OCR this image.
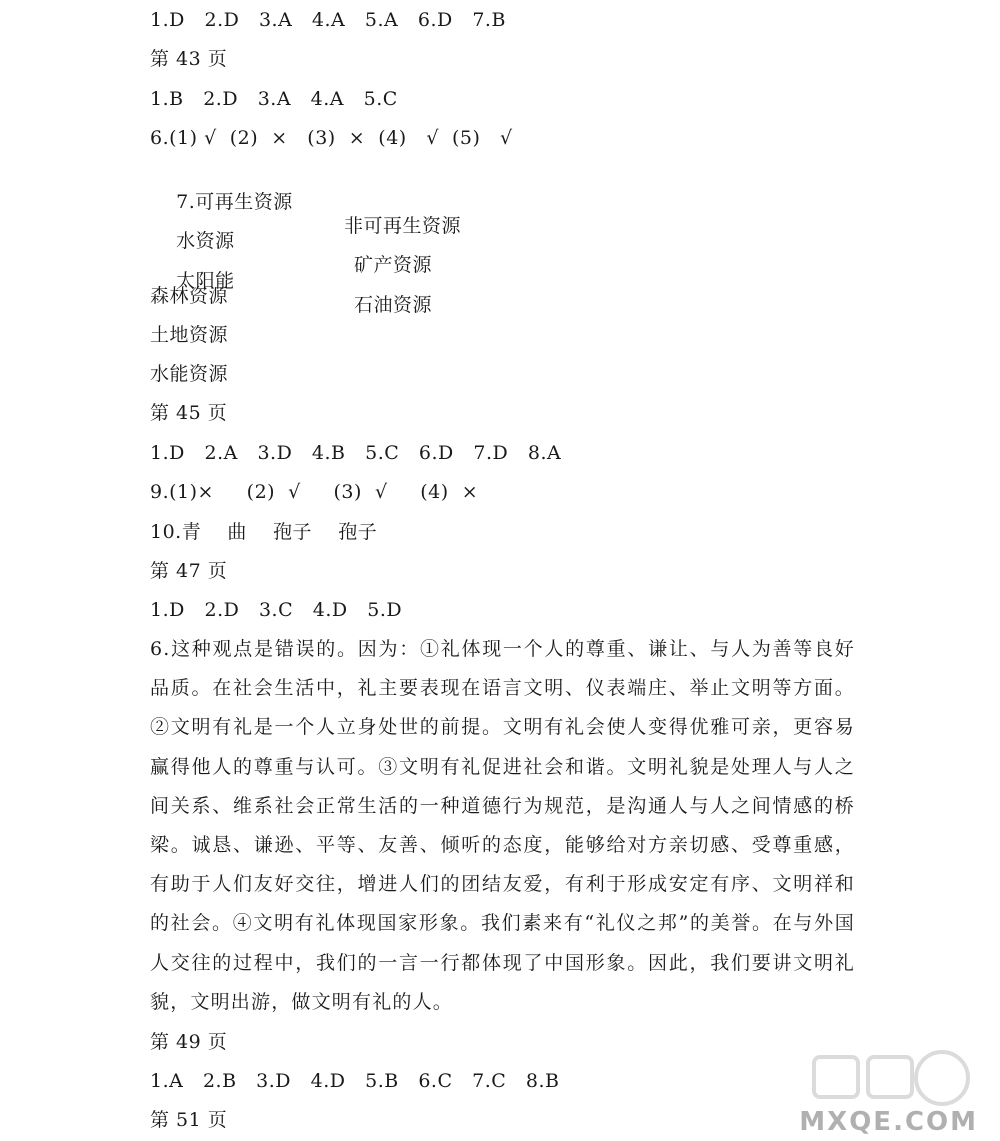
1.D   2.D   3.A   4.A   5.A   6.D   7.B
第 43 页
1.B   2.D   3.A   4.A   5.C
6.(1) √  (2)  ×   (3)  ×  (4)   √  (5)   √

7.可再生资源

非可再生资源

水资源

矿产资源

太阳能

石油资源

森林资源
土地资源
水能资源
第 45 页
1.D   2.A   3.D   4.B   5.C   6.D   7.D   8.A
9.(1)×     (2)  √     (3)  √     (4)  ×
10.青    曲    孢子    孢子
第 47 页
1.D   2.D   3.C   4.D   5.D
6.这种观点是错误的。因为：①礼体现一个人的尊重、谦让、与人为善等良好品质。在社会生活中，礼主要表现在语言文明、仪表端庄、举止文明等方面。②文明有礼是一个人立身处世的前提。文明有礼会使人变得优雅可亲，更容易赢得他人的尊重与认可。③文明有礼促进社会和谐。文明礼貌是处理人与人之间关系、维系社会正常生活的一种道德行为规范，是沟通人与人之间情感的桥梁。诚恳、谦逊、平等、友善、倾听的态度，能够给对方亲切感、受尊重感，有助于人们友好交往，增进人们的团结友爱，有利于形成安定有序、文明祥和的社会。④文明有礼体现国家形象。我们素来有“礼仪之邦”的美誉。在与外国人交往的过程中，我们的一言一行都体现了中国形象。因此，我们要讲文明礼貌，文明出游，做文明有礼的人。
第 49 页
1.A   2.B   3.D   4.D   5.B   6.C   7.C   8.B
第 51 页	MXQE.COM
